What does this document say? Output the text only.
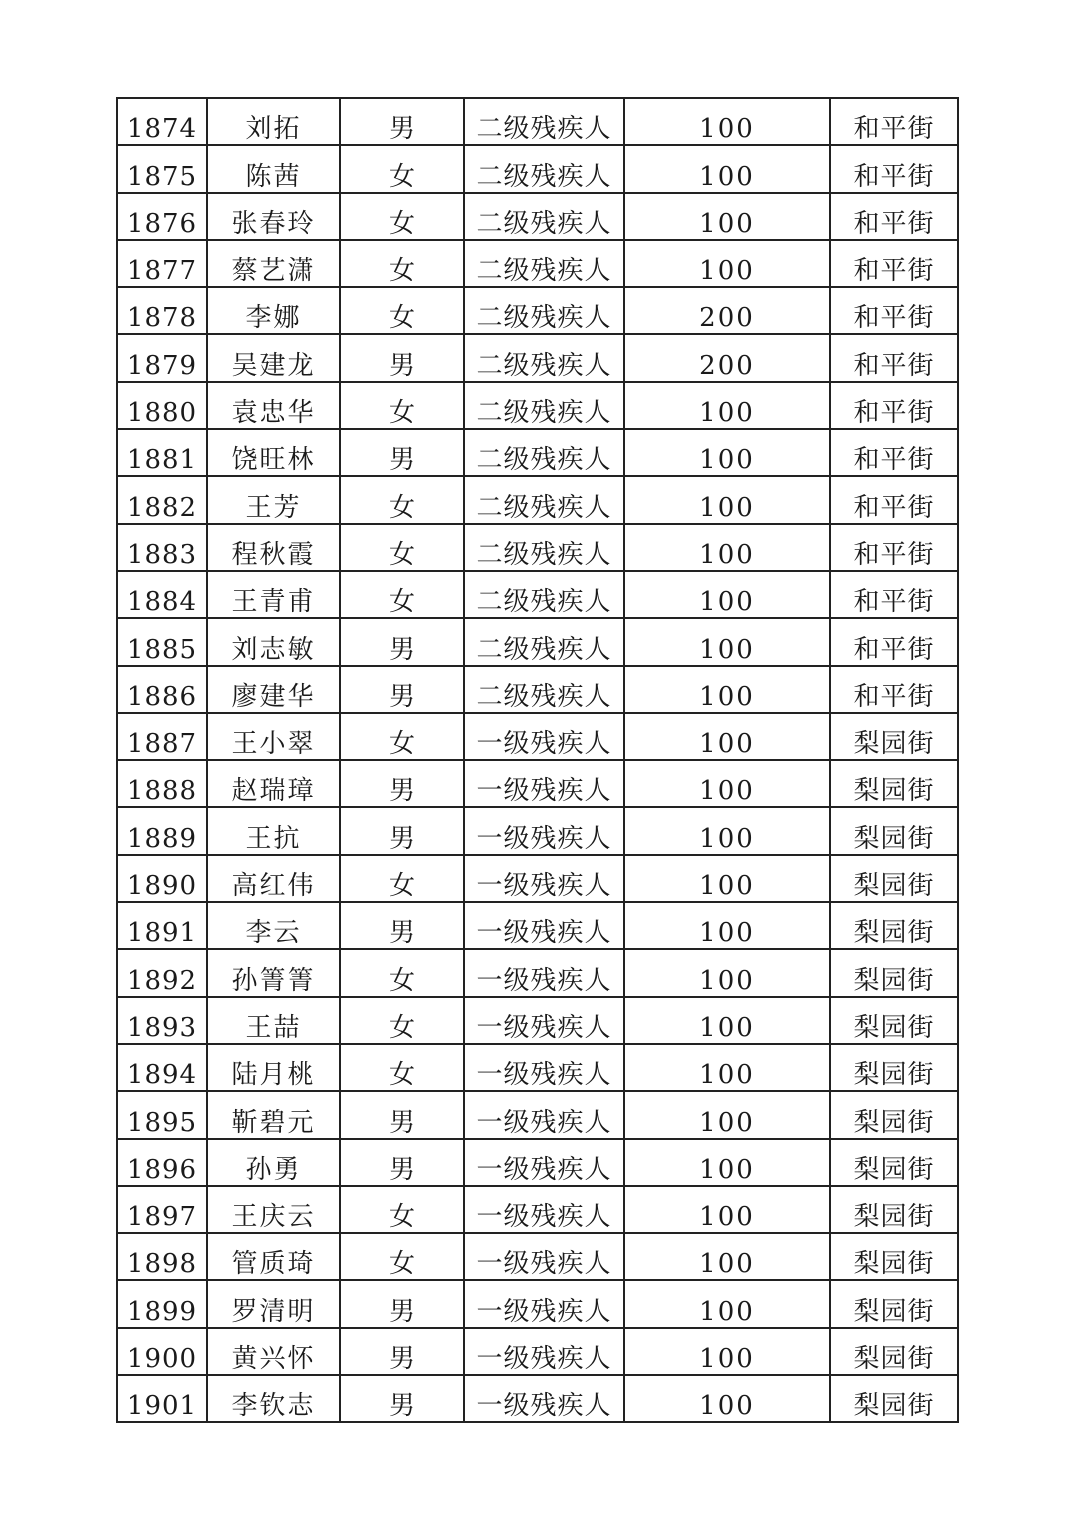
1874	刘拓	男	二级残疾人	100	和平街
1875	陈茜	女	二级残疾人	100	和平街
1876	张春玲	女	二级残疾人	100	和平街
1877	蔡艺潇	女	二级残疾人	100	和平街
1878	李娜	女	二级残疾人	200	和平街
1879	吴建龙	男	二级残疾人	200	和平街
1880	袁忠华	女	二级残疾人	100	和平街
1881	饶旺林	男	二级残疾人	100	和平街
1882	王芳	女	二级残疾人	100	和平街
1883	程秋霞	女	二级残疾人	100	和平街
1884	王青甫	女	二级残疾人	100	和平街
1885	刘志敏	男	二级残疾人	100	和平街
1886	廖建华	男	二级残疾人	100	和平街
1887	王小翠	女	一级残疾人	100	梨园街
1888	赵瑞璋	男	一级残疾人	100	梨园街
1889	王抗	男	一级残疾人	100	梨园街
1890	高红伟	女	一级残疾人	100	梨园街
1891	李云	男	一级残疾人	100	梨园街
1892	孙箐箐	女	一级残疾人	100	梨园街
1893	王喆	女	一级残疾人	100	梨园街
1894	陆月桃	女	一级残疾人	100	梨园街
1895	靳碧元	男	一级残疾人	100	梨园街
1896	孙勇	男	一级残疾人	100	梨园街
1897	王庆云	女	一级残疾人	100	梨园街
1898	管质琦	女	一级残疾人	100	梨园街
1899	罗清明	男	一级残疾人	100	梨园街
1900	黄兴怀	男	一级残疾人	100	梨园街
1901	李钦志	男	一级残疾人	100	梨园街
